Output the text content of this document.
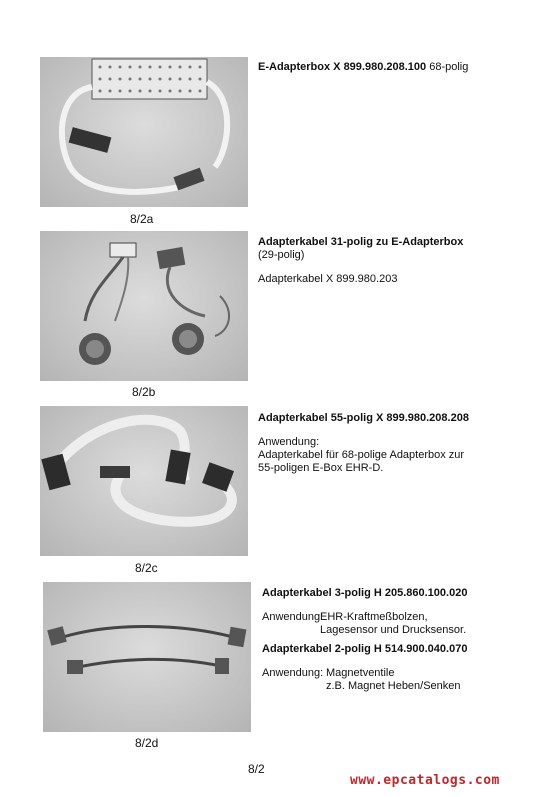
8/2a

E-Adapterbox X 899.980.208.100 68-polig

8/2b

Adapterkabel 31-polig zu E-Adapterbox

(29-polig)

Adapterkabel X 899.980.203

8/2c

Adapterkabel 55-polig X 899.980.208.208

Anwendung:

Adapterkabel für 68-polige Adapterbox zur

55-poligen E-Box EHR-D.

8/2d

Adapterkabel 3-polig H 205.860.100.020

Anwendung:

EHR-Kraftmeßbolzen,

Lagesensor und Drucksensor.

Adapterkabel 2-polig H 514.900.040.070

Anwendung: Magnetventile

z.B. Magnet Heben/Senken

8/2
www.epcatalogs.com
